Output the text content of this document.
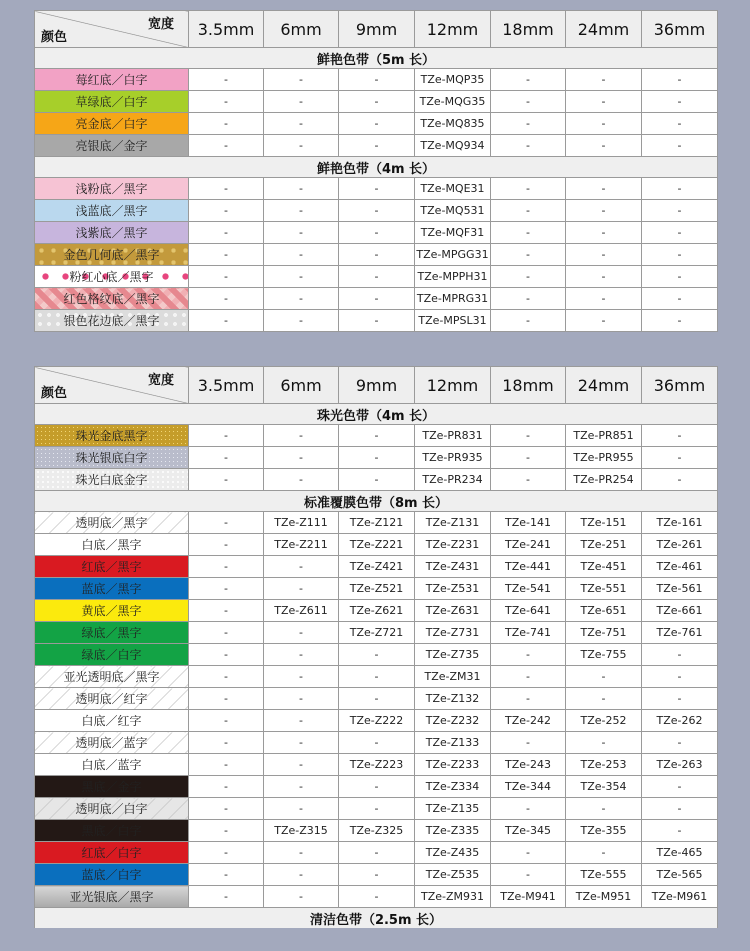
宽度
颜色	3.5mm	6mm	9mm	12mm	18mm	24mm	36mm
鲜艳色带（5m 长）							
莓红底／白字	-	-	-	TZe-MQP35	-	-	-
草绿底／白字	-	-	-	TZe-MQG35	-	-	-
亮金底／白字	-	-	-	TZe-MQ835	-	-	-
亮银底／金字	-	-	-	TZe-MQ934	-	-	-
鲜艳色带（4m 长）							
浅粉底／黑字	-	-	-	TZe-MQE31	-	-	-
浅蓝底／黑字	-	-	-	TZe-MQ531	-	-	-
浅紫底／黑字	-	-	-	TZe-MQF31	-	-	-
金色几何底／黑字	-	-	-	TZe-MPGG31	-	-	-
粉红心底／黑字	-	-	-	TZe-MPPH31	-	-	-
红色格纹底／黑字	-	-	-	TZe-MPRG31	-	-	-
银色花边底／黑字	-	-	-	TZe-MPSL31	-	-	-
宽度
颜色	3.5mm	6mm	9mm	12mm	18mm	24mm	36mm
珠光色带（4m 长）							
珠光金底黑字	-	-	-	TZe-PR831	-	TZe-PR851	-
珠光银底白字	-	-	-	TZe-PR935	-	TZe-PR955	-
珠光白底金字	-	-	-	TZe-PR234	-	TZe-PR254	-
标准覆膜色带（8m 长）							
透明底／黑字	-	TZe-Z111	TZe-Z121	TZe-Z131	TZe-141	TZe-151	TZe-161
白底／黑字	-	TZe-Z211	TZe-Z221	TZe-Z231	TZe-241	TZe-251	TZe-261
红底／黑字	-	-	TZe-Z421	TZe-Z431	TZe-441	TZe-451	TZe-461
蓝底／黑字	-	-	TZe-Z521	TZe-Z531	TZe-541	TZe-551	TZe-561
黄底／黑字	-	TZe-Z611	TZe-Z621	TZe-Z631	TZe-641	TZe-651	TZe-661
绿底／黑字	-	-	TZe-Z721	TZe-Z731	TZe-741	TZe-751	TZe-761
绿底／白字	-	-	-	TZe-Z735	-	TZe-755	-
亚光透明底／黑字	-	-	-	TZe-ZM31	-	-	-
透明底／红字	-	-	-	TZe-Z132	-	-	-
白底／红字	-	-	TZe-Z222	TZe-Z232	TZe-242	TZe-252	TZe-262
透明底／蓝字	-	-	-	TZe-Z133	-	-	-
白底／蓝字	-	-	TZe-Z223	TZe-Z233	TZe-243	TZe-253	TZe-263
黑底／金字	-	-	-	TZe-Z334	TZe-344	TZe-354	-
透明底／白字	-	-	-	TZe-Z135	-	-	-
黑底／白字	-	TZe-Z315	TZe-Z325	TZe-Z335	TZe-345	TZe-355	-
红底／白字	-	-	-	TZe-Z435	-	-	TZe-465
蓝底／白字	-	-	-	TZe-Z535	-	TZe-555	TZe-565
亚光银底／黑字	-	-	-	TZe-ZM931	TZe-M941	TZe-M951	TZe-M961
清洁色带（2.5m 长）							
